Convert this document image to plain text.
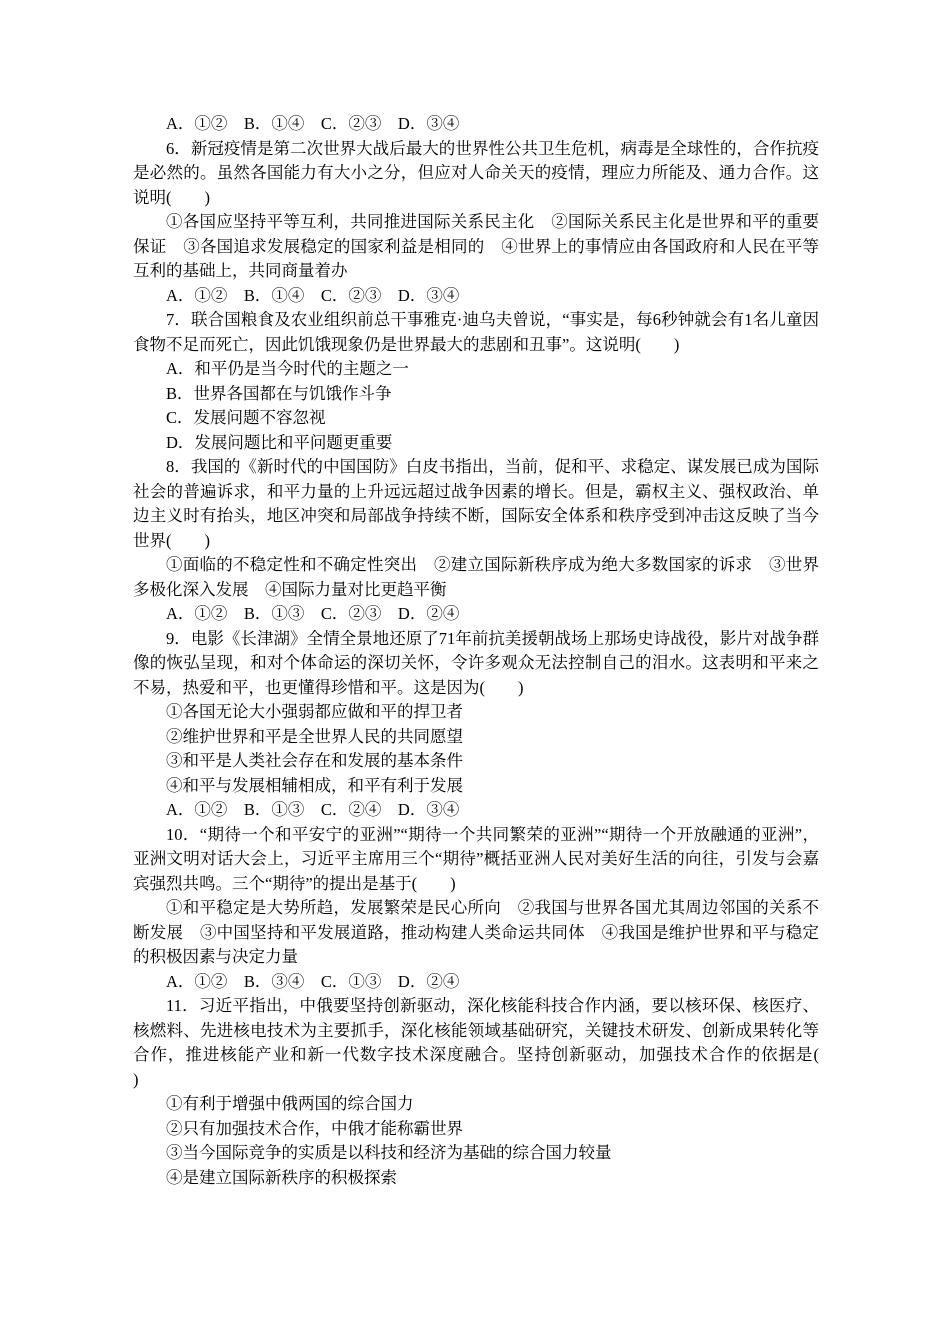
A．①②　B．①④　C．②③　D．③④

6．新冠疫情是第二次世界大战后最大的世界性公共卫生危机，病毒是全球性的，合作抗疫是必然的。虽然各国能力有大小之分，但应对人命关天的疫情，理应力所能及、通力合作。这说明(　　)

①各国应坚持平等互利，共同推进国际关系民主化　②国际关系民主化是世界和平的重要保证　③各国追求发展稳定的国家利益是相同的　④世界上的事情应由各国政府和人民在平等互利的基础上，共同商量着办

A．①②　B．①④　C．②③　D．③④

7．联合国粮食及农业组织前总干事雅克·迪乌夫曾说，“事实是，每6秒钟就会有1名儿童因食物不足而死亡，因此饥饿现象仍是世界最大的悲剧和丑事”。这说明(　　)

A．和平仍是当今时代的主题之一

B．世界各国都在与饥饿作斗争

C．发展问题不容忽视

D．发展问题比和平问题更重要

8．我国的《新时代的中国国防》白皮书指出，当前，促和平、求稳定、谋发展已成为国际社会的普遍诉求，和平力量的上升远远超过战争因素的增长。但是，霸权主义、强权政治、单边主义时有抬头，地区冲突和局部战争持续不断，国际安全体系和秩序受到冲击这反映了当今世界(　　)

①面临的不稳定性和不确定性突出　②建立国际新秩序成为绝大多数国家的诉求　③世界多极化深入发展　④国际力量对比更趋平衡

A．①②　B．①③　C．②③　D．②④

9．电影《长津湖》全情全景地还原了71年前抗美援朝战场上那场史诗战役，影片对战争群像的恢弘呈现，和对个体命运的深切关怀，令许多观众无法控制自己的泪水。这表明和平来之不易，热爱和平，也更懂得珍惜和平。这是因为(　　)

①各国无论大小强弱都应做和平的捍卫者

②维护世界和平是全世界人民的共同愿望

③和平是人类社会存在和发展的基本条件

④和平与发展相辅相成，和平有利于发展

A．①②　B．①③　C．②④　D．③④

10．“期待一个和平安宁的亚洲”“期待一个共同繁荣的亚洲”“期待一个开放融通的亚洲”，亚洲文明对话大会上，习近平主席用三个“期待”概括亚洲人民对美好生活的向往，引发与会嘉宾强烈共鸣。三个“期待”的提出是基于(　　)

①和平稳定是大势所趋，发展繁荣是民心所向　②我国与世界各国尤其周边邻国的关系不断发展　③中国坚持和平发展道路，推动构建人类命运共同体　④我国是维护世界和平与稳定的积极因素与决定力量

A．①②　B．③④　C．①③　D．②④

11．习近平指出，中俄要坚持创新驱动，深化核能科技合作内涵，要以核环保、核医疗、核燃料、先进核电技术为主要抓手，深化核能领域基础研究，关键技术研发、创新成果转化等合作，推进核能产业和新一代数字技术深度融合。坚持创新驱动，加强技术合作的依据是(　　)

①有利于增强中俄两国的综合国力

②只有加强技术合作，中俄才能称霸世界

③当今国际竞争的实质是以科技和经济为基础的综合国力较量

④是建立国际新秩序的积极探索
